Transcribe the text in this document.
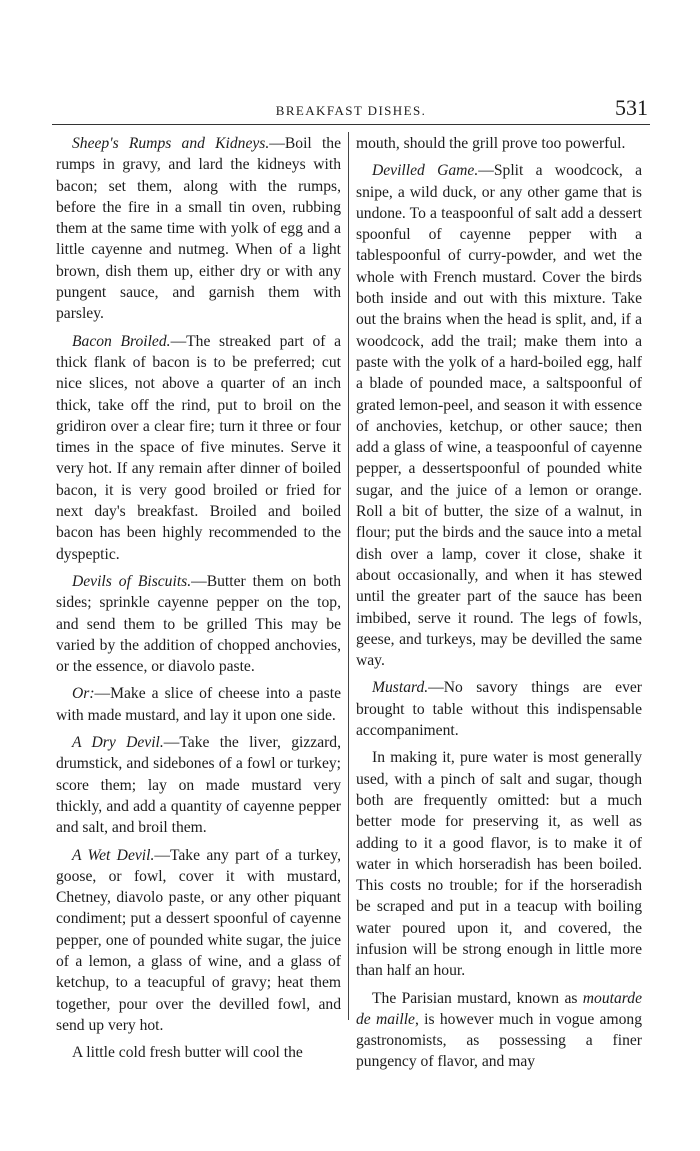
BREAKFAST DISHES.	531

Sheep's Rumps and Kidneys.—Boil the rumps in gravy, and lard the kidneys with bacon; set them, along with the rumps, before the fire in a small tin oven, rubbing them at the same time with yolk of egg and a little cayenne and nutmeg. When of a light brown, dish them up, either dry or with any pungent sauce, and garnish them with parsley.

Bacon Broiled.—The streaked part of a thick flank of bacon is to be preferred; cut nice slices, not above a quarter of an inch thick, take off the rind, put to broil on the gridiron over a clear fire; turn it three or four times in the space of five minutes. Serve it very hot. If any remain after dinner of boiled bacon, it is very good broiled or fried for next day's breakfast. Broiled and boiled bacon has been highly recommended to the dyspeptic.

Devils of Biscuits.—Butter them on both sides; sprinkle cayenne pepper on the top, and send them to be grilled This may be varied by the addition of chopped anchovies, or the essence, or diavolo paste.

Or:—Make a slice of cheese into a paste with made mustard, and lay it upon one side.

A Dry Devil.—Take the liver, gizzard, drumstick, and sidebones of a fowl or turkey; score them; lay on made mustard very thickly, and add a quantity of cayenne pepper and salt, and broil them.

A Wet Devil.—Take any part of a turkey, goose, or fowl, cover it with mustard, Chetney, diavolo paste, or any other piquant condiment; put a dessert spoonful of cayenne pepper, one of pounded white sugar, the juice of a lemon, a glass of wine, and a glass of ketchup, to a teacupful of gravy; heat them together, pour over the devilled fowl, and send up very hot.

A little cold fresh butter will cool the

mouth, should the grill prove too powerful.

Devilled Game.—Split a woodcock, a snipe, a wild duck, or any other game that is undone. To a teaspoonful of salt add a dessert spoonful of cayenne pepper with a tablespoonful of curry-powder, and wet the whole with French mustard. Cover the birds both inside and out with this mixture. Take out the brains when the head is split, and, if a woodcock, add the trail; make them into a paste with the yolk of a hard-boiled egg, half a blade of pounded mace, a saltspoonful of grated lemon-peel, and season it with essence of anchovies, ketchup, or other sauce; then add a glass of wine, a teaspoonful of cayenne pepper, a dessertspoonful of pounded white sugar, and the juice of a lemon or orange. Roll a bit of butter, the size of a walnut, in flour; put the birds and the sauce into a metal dish over a lamp, cover it close, shake it about occasionally, and when it has stewed until the greater part of the sauce has been imbibed, serve it round. The legs of fowls, geese, and turkeys, may be devilled the same way.

Mustard.—No savory things are ever brought to table without this indispensable accompaniment.

In making it, pure water is most generally used, with a pinch of salt and sugar, though both are frequently omitted: but a much better mode for preserving it, as well as adding to it a good flavor, is to make it of water in which horseradish has been boiled. This costs no trouble; for if the horseradish be scraped and put in a teacup with boiling water poured upon it, and covered, the infusion will be strong enough in little more than half an hour.

The Parisian mustard, known as moutarde de maille, is however much in vogue among gastronomists, as possessing a finer pungency of flavor, and may
